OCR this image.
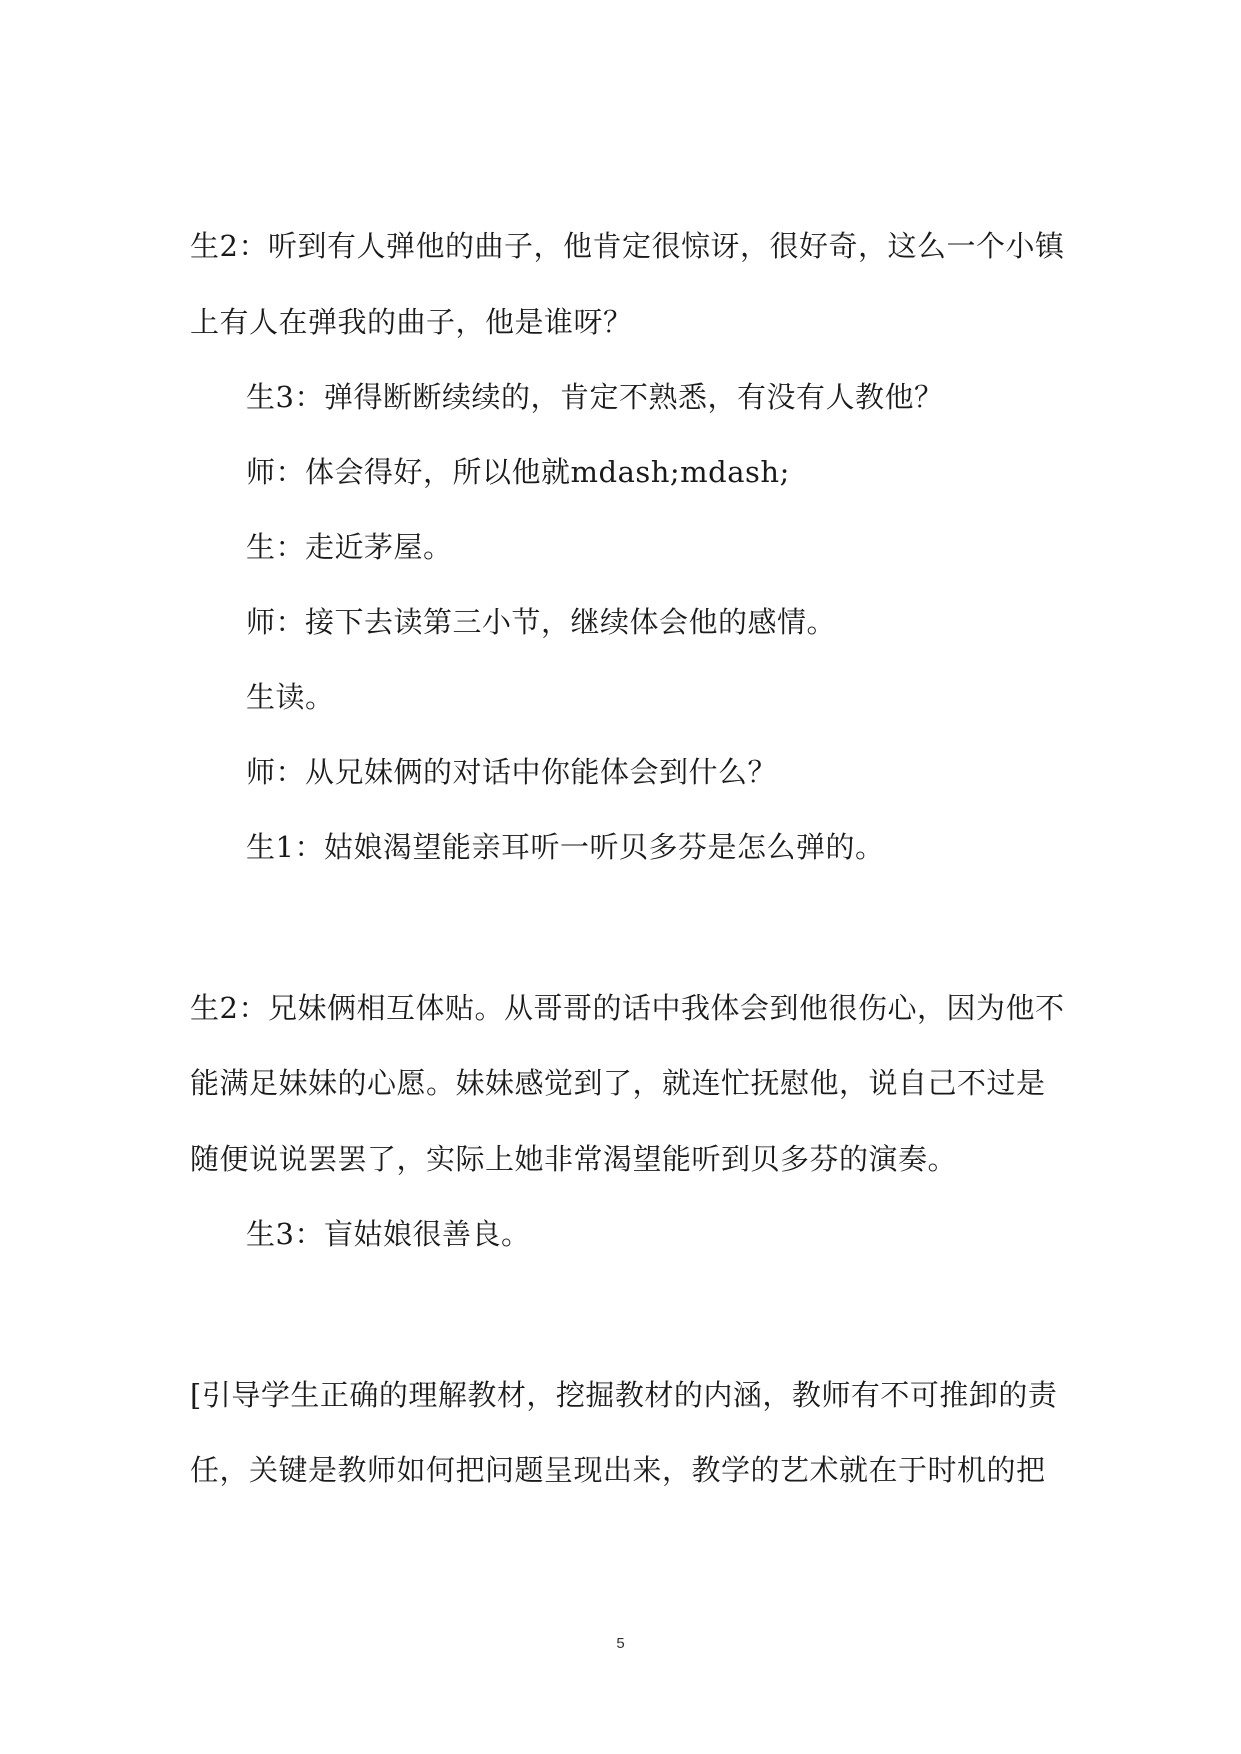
生2：听到有人弹他的曲子，他肯定很惊讶，很好奇，这么一个小镇
上有人在弹我的曲子，他是谁呀？
生3：弹得断断续续的，肯定不熟悉，有没有人教他？
师：体会得好，所以他就mdash;mdash;
生：走近茅屋。
师：接下去读第三小节，继续体会他的感情。
生读。
师：从兄妹俩的对话中你能体会到什么？
生1：姑娘渴望能亲耳听一听贝多芬是怎么弹的。
生2：兄妹俩相互体贴。从哥哥的话中我体会到他很伤心，因为他不
能满足妹妹的心愿。妹妹感觉到了，就连忙抚慰他，说自己不过是
随便说说罢罢了，实际上她非常渴望能听到贝多芬的演奏。
生3：盲姑娘很善良。
[引导学生正确的理解教材，挖掘教材的内涵，教师有不可推卸的责
任，关键是教师如何把问题呈现出来，教学的艺术就在于时机的把
5
